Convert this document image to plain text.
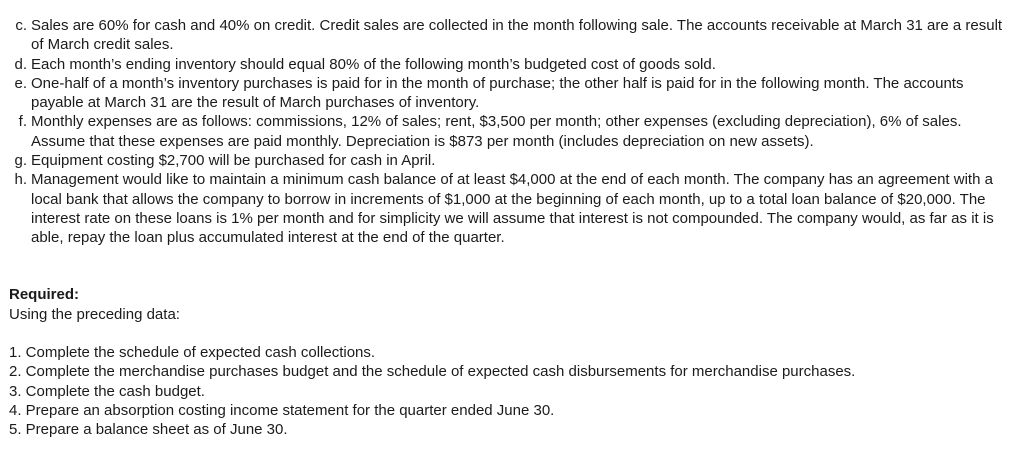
c. Sales are 60% for cash and 40% on credit. Credit sales are collected in the month following sale. The accounts receivable at March 31 are a result of March credit sales.
d. Each month’s ending inventory should equal 80% of the following month’s budgeted cost of goods sold.
e. One-half of a month’s inventory purchases is paid for in the month of purchase; the other half is paid for in the following month. The accounts payable at March 31 are the result of March purchases of inventory.
f. Monthly expenses are as follows: commissions, 12% of sales; rent, $3,500 per month; other expenses (excluding depreciation), 6% of sales. Assume that these expenses are paid monthly. Depreciation is $873 per month (includes depreciation on new assets).
g. Equipment costing $2,700 will be purchased for cash in April.
h. Management would like to maintain a minimum cash balance of at least $4,000 at the end of each month. The company has an agreement with a local bank that allows the company to borrow in increments of $1,000 at the beginning of each month, up to a total loan balance of $20,000. The interest rate on these loans is 1% per month and for simplicity we will assume that interest is not compounded. The company would, as far as it is able, repay the loan plus accumulated interest at the end of the quarter.
Required:
Using the preceding data:
1. Complete the schedule of expected cash collections.
2. Complete the merchandise purchases budget and the schedule of expected cash disbursements for merchandise purchases.
3. Complete the cash budget.
4. Prepare an absorption costing income statement for the quarter ended June 30.
5. Prepare a balance sheet as of June 30.
